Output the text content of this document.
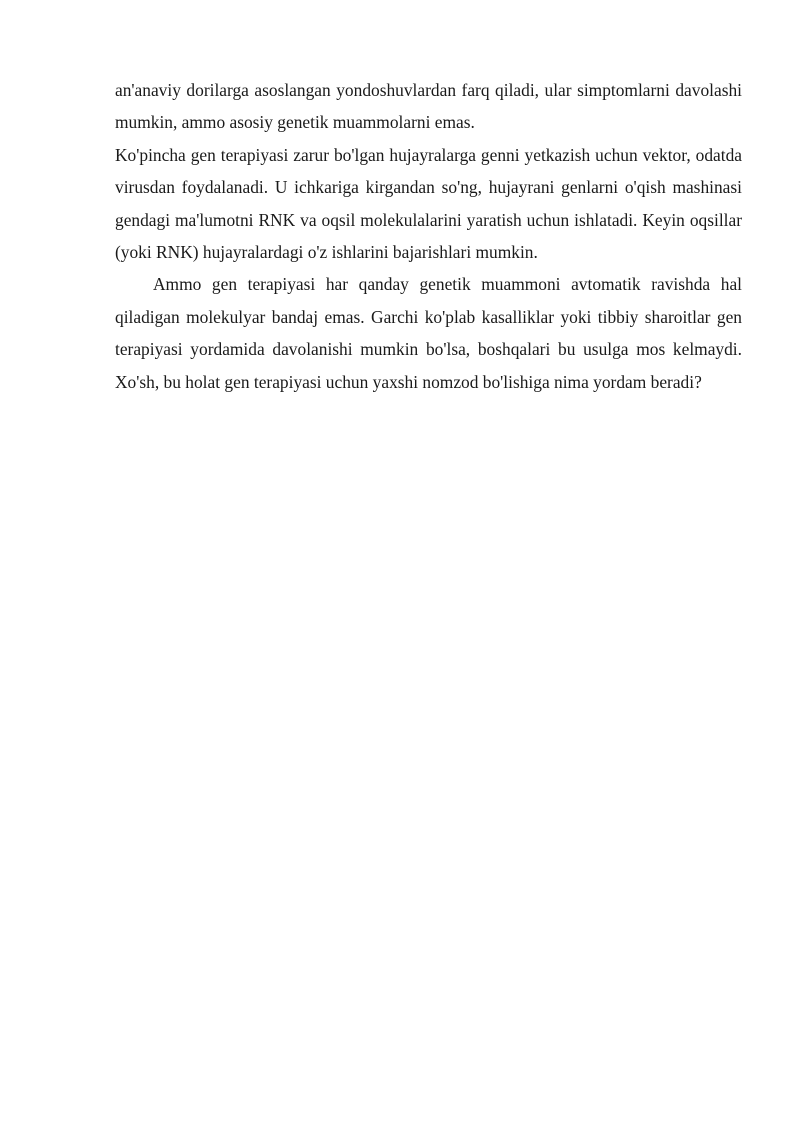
an'anaviy dorilarga asoslangan yondoshuvlardan farq qiladi, ular simptomlarni davolashi mumkin, ammo asosiy genetik muammolarni emas.

Ko'pincha gen terapiyasi zarur bo'lgan hujayralarga genni yetkazish uchun vektor, odatda virusdan foydalanadi. U ichkariga kirgandan so'ng, hujayrani genlarni o'qish mashinasi gendagi ma'lumotni RNK va oqsil molekulalarini yaratish uchun ishlatadi. Keyin oqsillar (yoki RNK) hujayralardagi o'z ishlarini bajarishlari mumkin.

Ammo gen terapiyasi har qanday genetik muammoni avtomatik ravishda hal qiladigan molekulyar bandaj emas. Garchi ko'plab kasalliklar yoki tibbiy sharoitlar gen terapiyasi yordamida davolanishi mumkin bo'lsa, boshqalari bu usulga mos kelmaydi. Xo'sh, bu holat gen terapiyasi uchun yaxshi nomzod bo'lishiga nima yordam beradi?
